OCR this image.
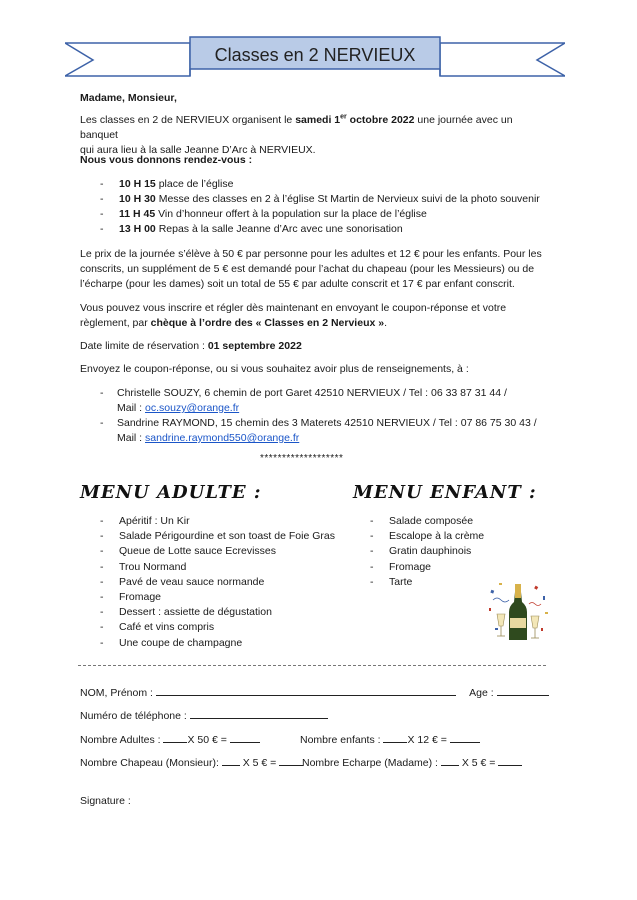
Classes en 2 NERVIEUX
Madame, Monsieur,
Les classes en 2 de NERVIEUX organisent le samedi 1er octobre 2022 une journée avec un banquet
qui aura lieu à la salle Jeanne D’Arc à NERVIEUX.
Nous vous donnons rendez-vous :
- 10 H 15 place de l’église
- 10 H 30 Messe des classes en 2 à l’église St Martin de Nervieux suivi de la photo souvenir
- 11 H 45 Vin d’honneur offert à la population sur la place de l’église
- 13 H 00 Repas à la salle Jeanne d’Arc avec une sonorisation
Le prix de la journée s’élève à 50 € par personne pour les adultes et 12 € pour les enfants. Pour les
conscrits, un supplément de 5 € est demandé pour l’achat du chapeau (pour les Messieurs) ou de
l’écharpe (pour les dames) soit un total de 55 € par adulte conscrit et 17 € par enfant conscrit.
Vous pouvez vous inscrire et régler dès maintenant en envoyant le coupon-réponse et votre
règlement, par chèque à l’ordre des « Classes en 2 Nervieux ».
Date limite de réservation : 01 septembre 2022
Envoyez le coupon-réponse, ou si vous souhaitez avoir plus de renseignements, à :
- Christelle SOUZY, 6 chemin de port Garet 42510 NERVIEUX / Tel : 06 33 87 31 44 /
Mail : oc.souzy@orange.fr
- Sandrine RAYMOND, 15 chemin des 3 Materets 42510 NERVIEUX / Tel : 07 86 75 30 43 /
Mail : sandrine.raymond550@orange.fr
*******************
MENU ADULTE :
- Apéritif : Un Kir
- Salade Périgourdine et son toast de Foie Gras
- Queue de Lotte sauce Ecrevisses
- Trou Normand
- Pavé de veau sauce normande
- Fromage
- Dessert : assiette de dégustation
- Café et vins compris
- Une coupe de champagne
MENU ENFANT :
- Salade composée
- Escalope à la crème
- Gratin dauphinois
- Fromage
- Tarte
NOM, Prénom :	Age :
Numéro de téléphone :
Nombre Adultes :	X 50 € =	Nombre enfants :	X 12 € =
Nombre Chapeau (Monsieur): X 5 € =	Nombre Echarpe (Madame) : X 5 € =
Signature :
